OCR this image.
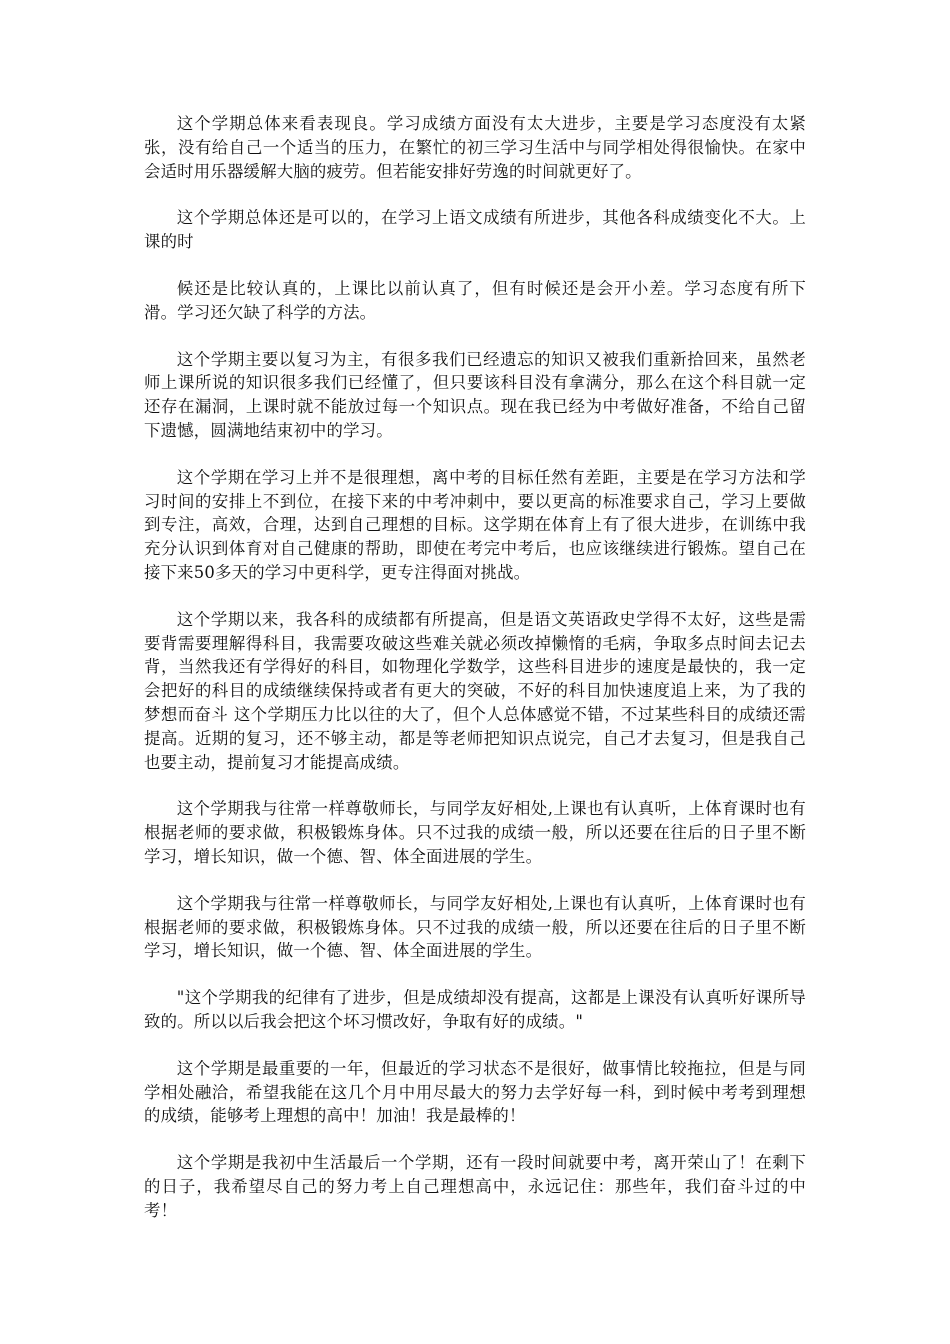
这个学期总体来看表现良。学习成绩方面没有太大进步，主要是学习态度没有太紧张，没有给自己一个适当的压力，在繁忙的初三学习生活中与同学相处得很愉快。在家中会适时用乐器缓解大脑的疲劳。但若能安排好劳逸的时间就更好了。

这个学期总体还是可以的，在学习上语文成绩有所进步，其他各科成绩变化不大。上课的时

候还是比较认真的，上课比以前认真了，但有时候还是会开小差。学习态度有所下滑。学习还欠缺了科学的方法。

这个学期主要以复习为主，有很多我们已经遗忘的知识又被我们重新拾回来，虽然老师上课所说的知识很多我们已经懂了，但只要该科目没有拿满分，那么在这个科目就一定还存在漏洞，上课时就不能放过每一个知识点。现在我已经为中考做好准备，不给自己留下遗憾，圆满地结束初中的学习。

这个学期在学习上并不是很理想，离中考的目标任然有差距，主要是在学习方法和学习时间的安排上不到位，在接下来的中考冲刺中，要以更高的标准要求自己，学习上要做到专注，高效，合理，达到自己理想的目标。这学期在体育上有了很大进步，在训练中我充分认识到体育对自己健康的帮助，即使在考完中考后，也应该继续进行锻炼。望自己在接下来50多天的学习中更科学，更专注得面对挑战。

这个学期以来，我各科的成绩都有所提高，但是语文英语政史学得不太好，这些是需要背需要理解得科目，我需要攻破这些难关就必须改掉懒惰的毛病，争取多点时间去记去背，当然我还有学得好的科目，如物理化学数学，这些科目进步的速度是最快的，我一定会把好的科目的成绩继续保持或者有更大的突破，不好的科目加快速度追上来，为了我的梦想而奋斗 这个学期压力比以往的大了，但个人总体感觉不错，不过某些科目的成绩还需提高。近期的复习，还不够主动，都是等老师把知识点说完，自己才去复习，但是我自己也要主动，提前复习才能提高成绩。

这个学期我与往常一样尊敬师长，与同学友好相处,上课也有认真听，上体育课时也有根据老师的要求做，积极锻炼身体。只不过我的成绩一般，所以还要在往后的日子里不断学习，增长知识，做一个德、智、体全面进展的学生。

这个学期我与往常一样尊敬师长，与同学友好相处,上课也有认真听，上体育课时也有根据老师的要求做，积极锻炼身体。只不过我的成绩一般，所以还要在往后的日子里不断学习，增长知识，做一个德、智、体全面进展的学生。

"这个学期我的纪律有了进步，但是成绩却没有提高，这都是上课没有认真听好课所导致的。所以以后我会把这个坏习惯改好，争取有好的成绩。"

这个学期是最重要的一年，但最近的学习状态不是很好，做事情比较拖拉，但是与同学相处融洽，希望我能在这几个月中用尽最大的努力去学好每一科，到时候中考考到理想的成绩，能够考上理想的高中！加油！我是最棒的！

这个学期是我初中生活最后一个学期，还有一段时间就要中考，离开荣山了！在剩下的日子，我希望尽自己的努力考上自己理想高中，永远记住：那些年，我们奋斗过的中考！
